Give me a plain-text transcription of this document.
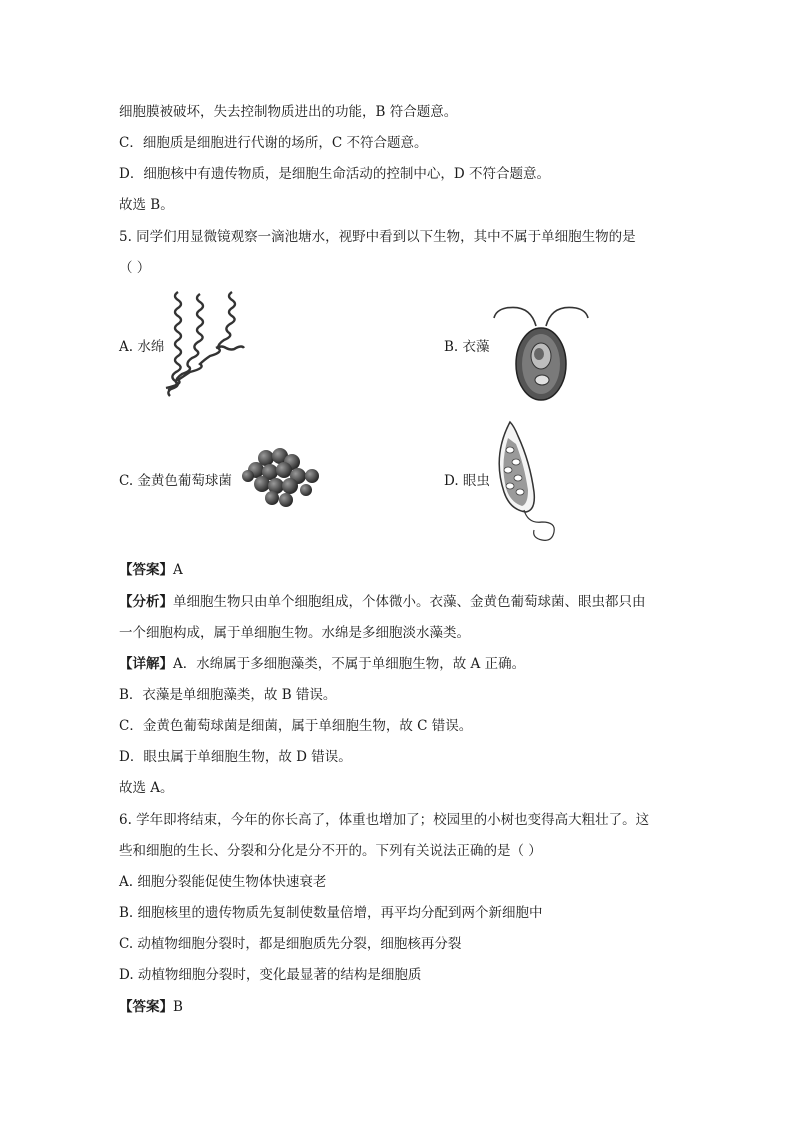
细胞膜被破坏，失去控制物质进出的功能，B 符合题意。
C．细胞质是细胞进行代谢的场所，C 不符合题意。
D．细胞核中有遗传物质，是细胞生命活动的控制中心，D 不符合题意。
故选 B。
5. 同学们用显微镜观察一滴池塘水，视野中看到以下生物，其中不属于单细胞生物的是
（ ）
A. 水绵	B. 衣藻
C. 金黄色葡萄球菌	D. 眼虫
【答案】A
【分析】单细胞生物只由单个细胞组成，个体微小。衣藻、金黄色葡萄球菌、眼虫都只由
一个细胞构成，属于单细胞生物。水绵是多细胞淡水藻类。
【详解】A．水绵属于多细胞藻类，不属于单细胞生物，故 A 正确。
B．衣藻是单细胞藻类，故 B 错误。
C．金黄色葡萄球菌是细菌，属于单细胞生物，故 C 错误。
D．眼虫属于单细胞生物，故 D 错误。
故选 A。
6. 学年即将结束，今年的你长高了，体重也增加了；校园里的小树也变得高大粗壮了。这
些和细胞的生长、分裂和分化是分不开的。下列有关说法正确的是（ ）
A. 细胞分裂能促使生物体快速衰老
B. 细胞核里的遗传物质先复制使数量倍增，再平均分配到两个新细胞中
C. 动植物细胞分裂时，都是细胞质先分裂，细胞核再分裂
D. 动植物细胞分裂时，变化最显著的结构是细胞质
【答案】B
